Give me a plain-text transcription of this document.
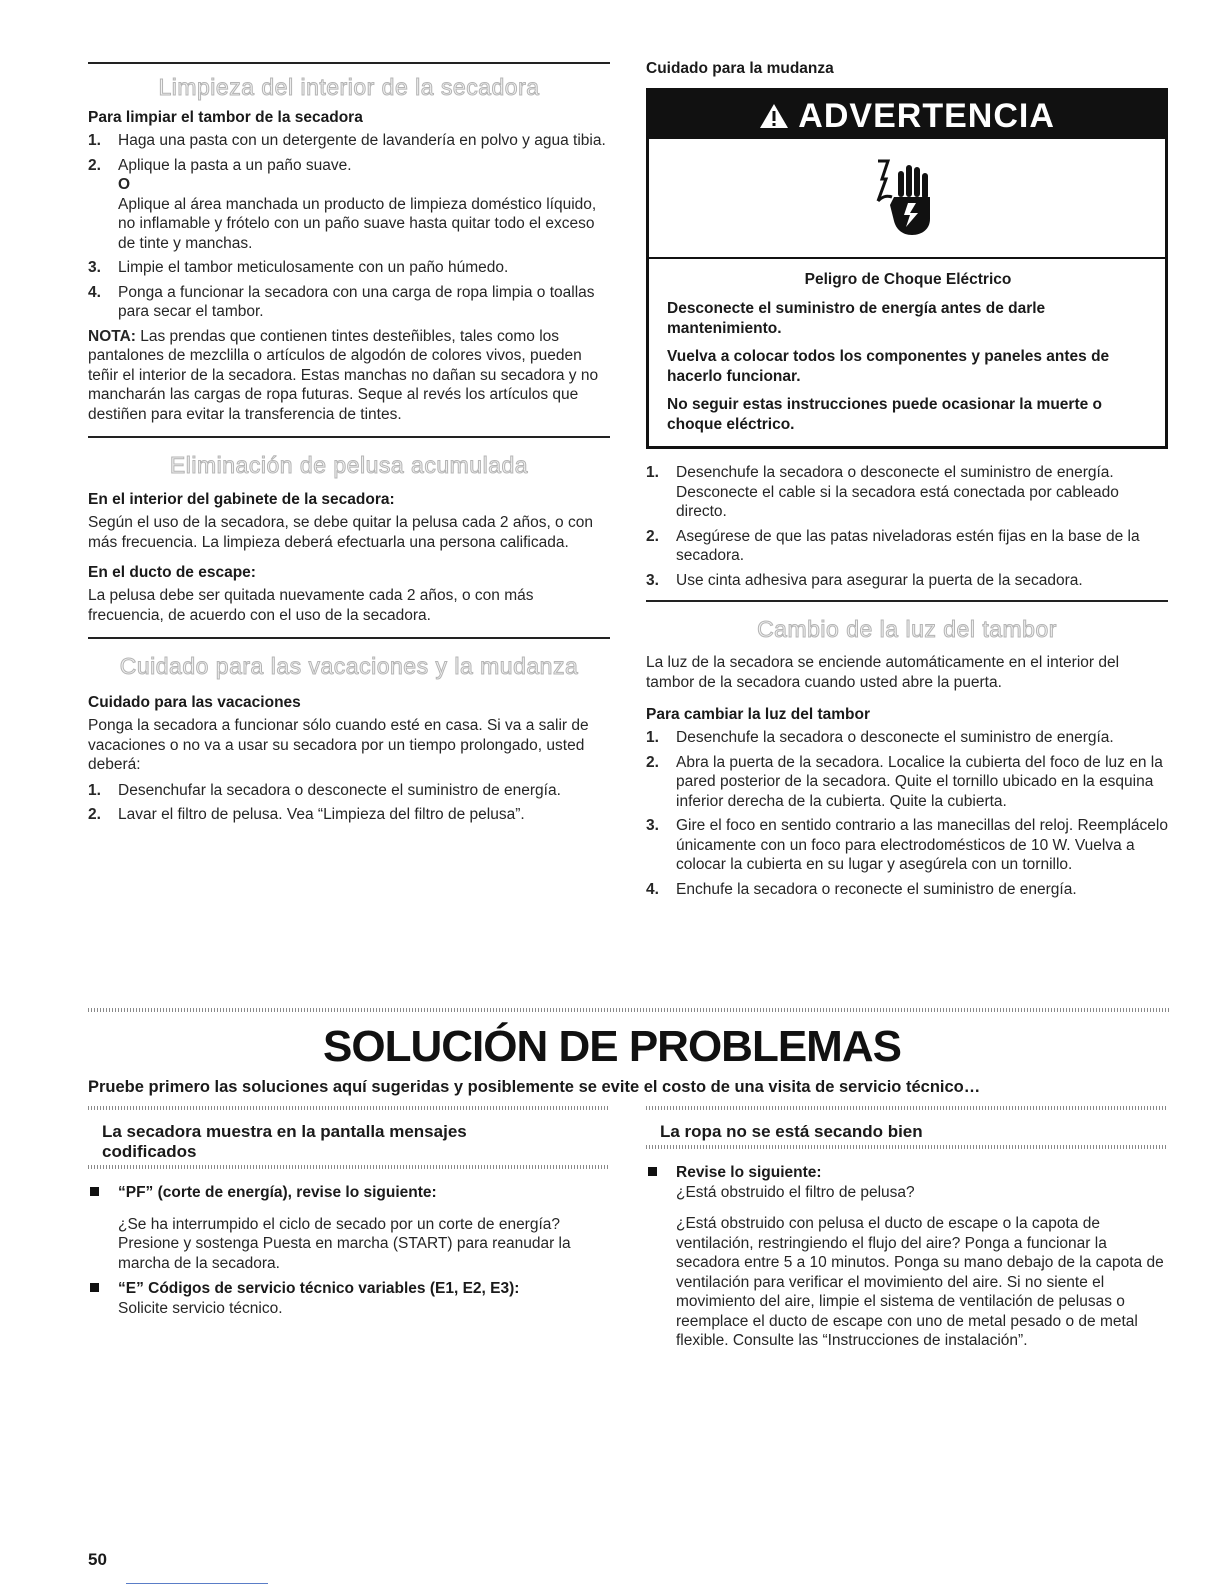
Limpieza del interior de la secadora
Para limpiar el tambor de la secadora
1. Haga una pasta con un detergente de lavandería en polvo y agua tibia.
2. Aplique la pasta a un paño suave.
O
Aplique al área manchada un producto de limpieza doméstico líquido, no inflamable y frótelo con un paño suave hasta quitar todo el exceso de tinte y manchas.
3. Limpie el tambor meticulosamente con un paño húmedo.
4. Ponga a funcionar la secadora con una carga de ropa limpia o toallas para secar el tambor.

NOTA: Las prendas que contienen tintes desteñibles, tales como los pantalones de mezclilla o artículos de algodón de colores vivos, pueden teñir el interior de la secadora. Estas manchas no dañan su secadora y no mancharán las cargas de ropa futuras. Seque al revés los artículos que destiñen para evitar la transferencia de tintes.

Eliminación de pelusa acumulada
En el interior del gabinete de la secadora:

Según el uso de la secadora, se debe quitar la pelusa cada 2 años, o con más frecuencia. La limpieza deberá efectuarla una persona calificada.

En el ducto de escape:

La pelusa debe ser quitada nuevamente cada 2 años, o con más frecuencia, de acuerdo con el uso de la secadora.

Cuidado para las vacaciones y la mudanza
Cuidado para las vacaciones

Ponga la secadora a funcionar sólo cuando esté en casa. Si va a salir de vacaciones o no va a usar su secadora por un tiempo prolongado, usted deberá:

1. Desenchufar la secadora o desconecte el suministro de energía.
2. Lavar el filtro de pelusa. Vea “Limpieza del filtro de pelusa”.
Cuidado para la mudanza
ADVERTENCIA
Peligro de Choque Eléctrico

Desconecte el suministro de energía antes de darle mantenimiento.

Vuelva a colocar todos los componentes y paneles antes de hacerlo funcionar.

No seguir estas instrucciones puede ocasionar la muerte o choque eléctrico.

1. Desenchufe la secadora o desconecte el suministro de energía. Desconecte el cable si la secadora está conectada por cableado directo.
2. Asegúrese de que las patas niveladoras estén fijas en la base de la secadora.
3. Use cinta adhesiva para asegurar la puerta de la secadora.
Cambio de la luz del tambor

La luz de la secadora se enciende automáticamente en el interior del tambor de la secadora cuando usted abre la puerta.

Para cambiar la luz del tambor
1. Desenchufe la secadora o desconecte el suministro de energía.
2. Abra la puerta de la secadora. Localice la cubierta del foco de luz en la pared posterior de la secadora. Quite el tornillo ubicado en la esquina inferior derecha de la cubierta. Quite la cubierta.
3. Gire el foco en sentido contrario a las manecillas del reloj. Reemplácelo únicamente con un foco para electrodomésticos de 10 W. Vuelva a colocar la cubierta en su lugar y asegúrela con un tornillo.
4. Enchufe la secadora o reconecte el suministro de energía.
SOLUCIÓN DE PROBLEMAS
Pruebe primero las soluciones aquí sugeridas y posiblemente se evite el costo de una visita de servicio técnico…
La secadora muestra en la pantalla mensajes
codificados
“PF” (corte de energía), revise lo siguiente:

¿Se ha interrumpido el ciclo de secado por un corte de energía?

Presione y sostenga Puesta en marcha (START) para reanudar la marcha de la secadora.

“E” Códigos de servicio técnico variables (E1, E2, E3):

Solicite servicio técnico.

La ropa no se está secando bien
Revise lo siguiente:

¿Está obstruido el filtro de pelusa?

¿Está obstruido con pelusa el ducto de escape o la capota de ventilación, restringiendo el flujo del aire? Ponga a funcionar la secadora entre 5 a 10 minutos. Ponga su mano debajo de la capota de ventilación para verificar el movimiento del aire. Si no siente el movimiento del aire, limpie el sistema de ventilación de pelusas o reemplace el ducto de escape con uno de metal pesado o de metal flexible. Consulte las “Instrucciones de instalación”.

50
